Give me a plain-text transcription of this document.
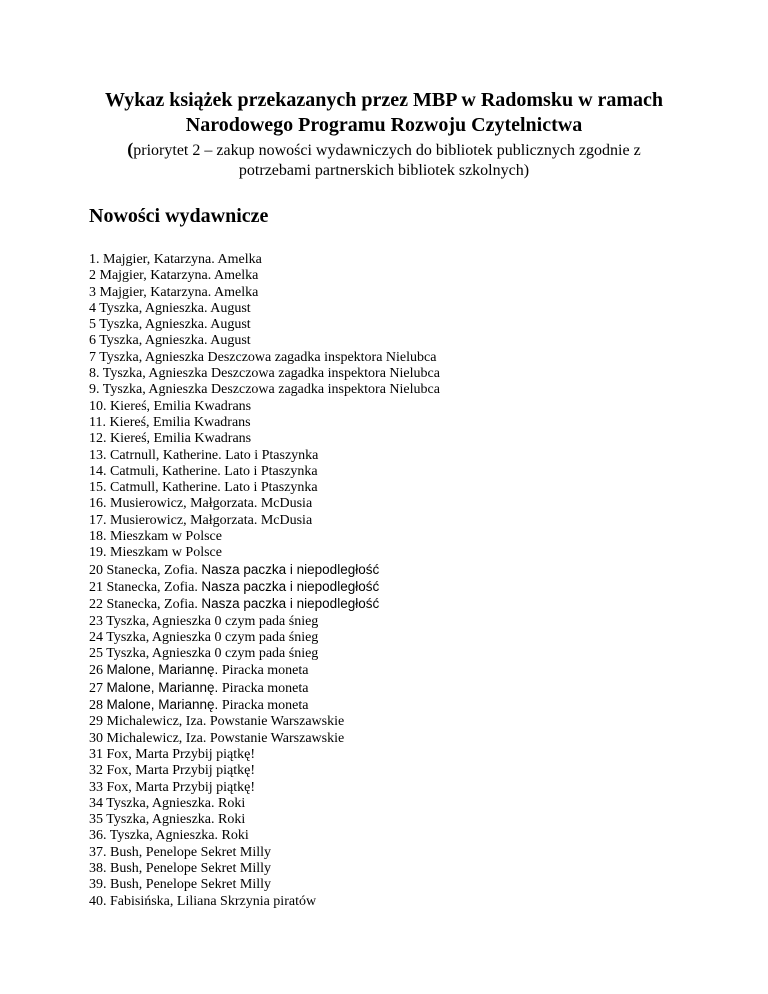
Wykaz książek przekazanych przez MBP w Radomsku w ramach
Narodowego Programu Rozwoju Czytelnictwa
(priorytet 2 – zakup nowości wydawniczych do bibliotek publicznych zgodnie z
potrzebami partnerskich bibliotek szkolnych)
Nowości wydawnicze
1. Majgier, Katarzyna. Amelka
2 Majgier, Katarzyna. Amelka
3 Majgier, Katarzyna. Amelka
4 Tyszka, Agnieszka. August
5 Tyszka, Agnieszka. August
6 Tyszka, Agnieszka. August
7 Tyszka, Agnieszka Deszczowa zagadka inspektora Nielubca
8. Tyszka, Agnieszka Deszczowa zagadka inspektora Nielubca
9. Tyszka, Agnieszka Deszczowa zagadka inspektora Nielubca
10. Kiereś, Emilia Kwadrans
11. Kiereś, Emilia Kwadrans
12. Kiereś, Emilia Kwadrans
13. Catrnull, Katherine. Lato i Ptaszynka
14. Catmuli, Katherine. Lato i Ptaszynka
15. Catmull, Katherine. Lato i Ptaszynka
16. Musierowicz, Małgorzata. McDusia
17. Musierowicz, Małgorzata. McDusia
18. Mieszkam w Polsce
19. Mieszkam w Polsce
20 Stanecka, Zofia. Nasza paczka i niepodległość
21 Stanecka, Zofia. Nasza paczka i niepodległość
22 Stanecka, Zofia. Nasza paczka i niepodległość
23 Tyszka, Agnieszka 0 czym pada śnieg
24 Tyszka, Agnieszka 0 czym pada śnieg
25 Tyszka, Agnieszka 0 czym pada śnieg
26 Malone, Mariannę. Piracka moneta
27 Malone, Mariannę. Piracka moneta
28 Malone, Mariannę. Piracka moneta
29 Michalewicz, Iza. Powstanie Warszawskie
30 Michalewicz, Iza. Powstanie Warszawskie
31 Fox, Marta Przybij piątkę!
32 Fox, Marta Przybij piątkę!
33 Fox, Marta Przybij piątkę!
34 Tyszka, Agnieszka. Roki
35 Tyszka, Agnieszka. Roki
36. Tyszka, Agnieszka. Roki
37. Bush, Penelope Sekret Milly
38. Bush, Penelope Sekret Milly
39. Bush, Penelope Sekret Milly
40. Fabisińska, Liliana Skrzynia piratów
